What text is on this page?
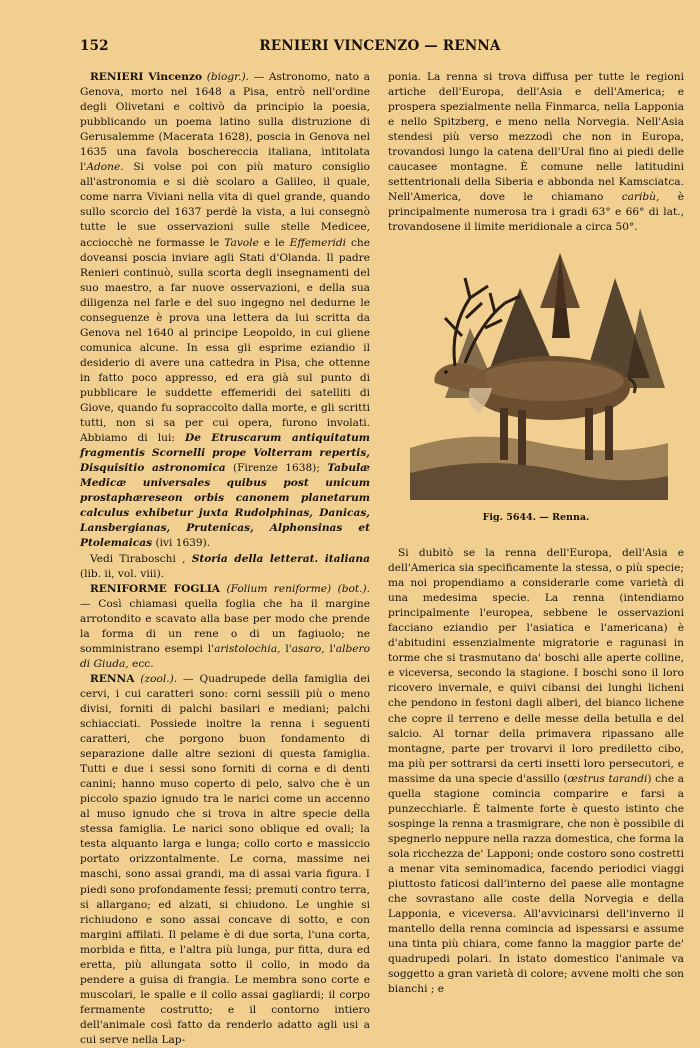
152	RENIERI VINCENZO — RENNA

RENIERI Vincenzo (biogr.). — Astronomo, nato a Genova, morto nel 1648 a Pisa, entrò nell'ordine degli Olivetani e coltivò da principio la poesia, pubblicando un poema latino sulla distruzione di Gerusalemme (Macerata 1628), poscia in Genova nel 1635 una favola boschereccia italiana, intitolata l'Adone. Si volse poi con più maturo consiglio all'astronomia e si diè scolaro a Galileo, il quale, come narra Viviani nella vita di quel grande, quando sullo scorcio del 1637 perdè la vista, a lui consegnò tutte le sue osservazioni sulle stelle Medicee, acciocchè ne formasse le Tavole e le Effemeridi che doveansi poscia inviare agli Stati d'Olanda. Il padre Renieri continuò, sulla scorta degli insegnamenti del suo maestro, a far nuove osservazioni, e della sua diligenza nel farle e del suo ingegno nel dedurne le conseguenze è prova una lettera da lui scritta da Genova nel 1640 al principe Leopoldo, in cui gliene comunica alcune. In essa gli esprime eziandio il desiderio di avere una cattedra in Pisa, che ottenne in fatto poco appresso, ed era già sul punto di pubblicare le suddette effemeridi dei satelliti di Giove, quando fu sopraccolto dalla morte, e gli scritti tutti, non si sa per cui opera, furono involati. Abbiamo di lui: De Etruscarum antiquitatum fragmentis Scornelli prope Volterram repertis, Disquisitio astronomica (Firenze 1638); Tabulæ Medicæ universales quibus post unicum prostaphæreseon orbis canonem planetarum calculus exhibetur juxta Rudolphinas, Danicas, Lansbergianas, Prutenicas, Alphonsinas et Ptolemaicas (ivi 1639).

Vedi Tiraboschi , Storia della letterat. italiana (lib. ii, vol. viii).

RENIFORME FOGLIA (Folium reniforme) (bot.). — Così chiamasi quella foglia che ha il margine arrotondito e scavato alla base per modo che prende la forma di un rene o di un fagiuolo; ne somministrano esempi l'aristolochia, l'asaro, l'albero di Giuda, ecc.

RENNA (zool.). — Quadrupede della famiglia dei cervi, i cui caratteri sono: corni sessili più o meno divisi, forniti di palchi basilari e mediani; palchi schiacciati. Possiede inoltre la renna i seguenti caratteri, che porgono buon fondamento di separazione dalle altre sezioni di questa famiglia. Tutti e due i sessi sono forniti di corna e di denti canini; hanno muso coperto di pelo, salvo che è un piccolo spazio ignudo tra le narici come un accenno al muso ignudo che si trova in altre specie della stessa famiglia. Le narici sono oblique ed ovali; la testa alquanto larga e lunga; collo corto e massiccio portato orizzontalmente. Le corna, massime nei maschi, sono assai grandi, ma di assai varia figura. I piedi sono profondamente fessi; premuti contro terra, si allargano; ed alzati, si chiudono. Le unghie si richiudono e sono assai concave di sotto, e con margini affilati. Il pelame è di due sorta, l'una corta, morbida e fitta, e l'altra più lunga, pur fitta, dura ed eretta, più allungata sotto il collo, in modo da pendere a guisa di frangia. Le membra sono corte e muscolari, le spalle e il collo assai gagliardi; il corpo fermamente costrutto; e il contorno intiero dell'animale così fatto da renderlo adatto agli usi a cui serve nella Lap-

ponia. La renna si trova diffusa per tutte le regioni artiche dell'Europa, dell'Asia e dell'America; e prospera spezialmente nella Finmarca, nella Lapponia e nello Spitzberg, e meno nella Norvegia. Nell'Asia stendesi più verso mezzodì che non in Europa, trovandosi lungo la catena dell'Ural fino ai piedi delle caucasee montagne. È comune nelle latitudini settentrionali della Siberia e abbonda nel Kamsciatca. Nell'America, dove le chiamano caribù, è principalmente numerosa tra i gradi 63° e 66° di lat., trovandosene il limite meridionale a circa 50°.

Fig. 5644. — Renna.

Si dubitò se la renna dell'Europa, dell'Asia e dell'America sia specificamente la stessa, o più specie; ma noi propendiamo a considerarle come varietà di una medesima specie. La renna (intendiamo principalmente l'europea, sebbene le osservazioni facciano eziandio per l'asiatica e l'americana) è d'abitudini essenzialmente migratorie e ragunasi in torme che si trasmutano da' boschi alle aperte colline, e viceversa, secondo la stagione. I boschi sono il loro ricovero invernale, e quivi cibansi dei lunghi licheni che pendono in festoni dagli alberi, del bianco lichene che copre il terreno e delle messe della betulla e del salcio. Al tornar della primavera ripassano alle montagne, parte per trovarvi il loro prediletto cibo, ma più per sottrarsi da certi insetti loro persecutori, e massime da una specie d'assillo (œstrus tarandi) che a quella stagione comincia comparire e farsi a punzecchiarle. È talmente forte è questo istinto che sospinge la renna a trasmigrare, che non è possibile di spegnerlo neppure nella razza domestica, che forma la sola ricchezza de' Lapponi; onde costoro sono costretti a menar vita seminomadica, facendo periodici viaggi piuttosto faticosi dall'interno del paese alle montagne che sovrastano alle coste della Norvegia e della Lapponia, e viceversa. All'avvicinarsi dell'inverno il mantello della renna comincia ad ispessarsi e assume una tinta più chiara, come fanno la maggior parte de' quadrupedi polari. In istato domestico l'animale va soggetto a gran varietà di colore; avvene molti che son bianchi ; e
